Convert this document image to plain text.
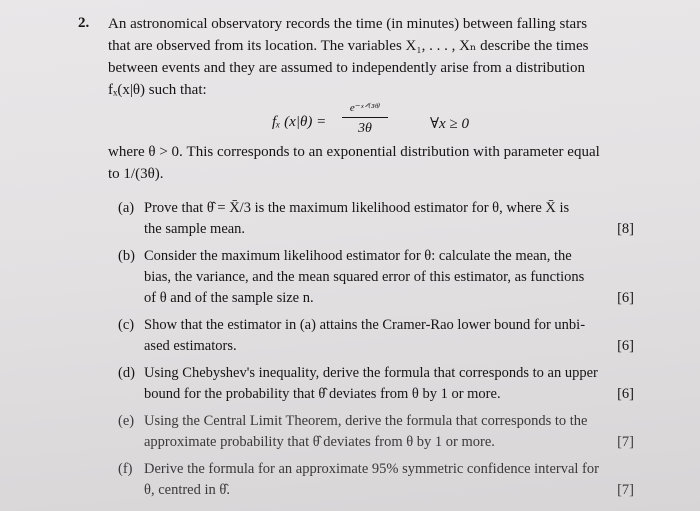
2. An astronomical observatory records the time (in minutes) between falling stars

that are observed from its location. The variables X₁, . . . , Xₙ describe the times

between events and they are assumed to independently arise from a distribution

fₓ(x|θ) such that:

fₓ (x|θ) =
e⁻ˣᐟ⁽³ᶿ⁾
3θ	∀x ≥ 0

where θ > 0. This corresponds to an exponential distribution with parameter equal

to 1/(3θ).

(a) Prove that θ̂ = X̄/3 is the maximum likelihood estimator for θ, where X̄ is
the sample mean.	[8]
(b) Consider the maximum likelihood estimator for θ: calculate the mean, the
bias, the variance, and the mean squared error of this estimator, as functions
of θ and of the sample size n.	[6]
(c) Show that the estimator in (a) attains the Cramer-Rao lower bound for unbi-
ased estimators.	[6]
(d) Using Chebyshev's inequality, derive the formula that corresponds to an upper
bound for the probability that θ̂ deviates from θ by 1 or more.	[6]
(e) Using the Central Limit Theorem, derive the formula that corresponds to the
approximate probability that θ̂ deviates from θ by 1 or more.	[7]
(f) Derive the formula for an approximate 95% symmetric confidence interval for
θ, centred in θ̂.	[7]
